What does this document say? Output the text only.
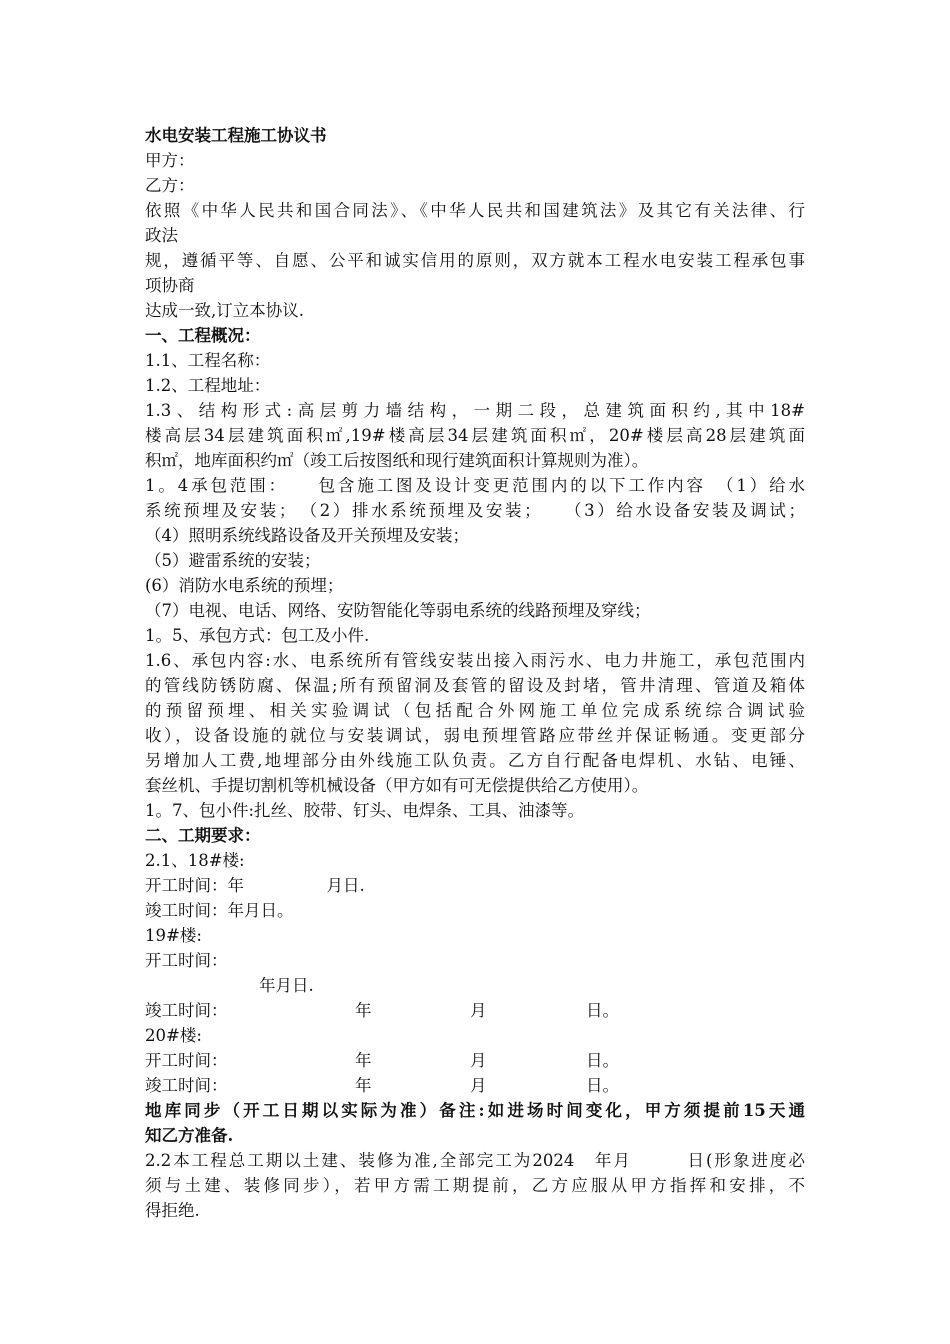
水电安装工程施工协议书

甲方：

乙方：

依照《中华人民共和国合同法》、《中华人民共和国建筑法》及其它有关法律、行

政法

规，遵循平等、自愿、公平和诚实信用的原则，双方就本工程水电安装工程承包事

项协商

达成一致,订立本协议.

一、工程概况：

1.1、工程名称：

1.2、工程地址：

1.3、结构形式:高层剪力墙结构，一期二段，总建筑面积约,其中18#

楼高层34层建筑面积㎡,19#楼高层34层建筑面积㎡，20#楼层高28层建筑面

积㎡，地库面积约㎡（竣工后按图纸和现行建筑面积计算规则为准）。

1。4承包范围：　　包含施工图及设计变更范围内的以下工作内容　（1）给水

系统预埋及安装；　（2）排水系统预埋及安装；　　（3）给水设备安装及调试；

（4）照明系统线路设备及开关预埋及安装；

（5）避雷系统的安装；

(6）消防水电系统的预埋；

（7）电视、电话、网络、安防智能化等弱电系统的线路预埋及穿线；

1。5、承包方式：包工及小件.

1.6、承包内容:水、电系统所有管线安装出接入雨污水、电力井施工，承包范围内

的管线防锈防腐、保温;所有预留洞及套管的留设及封堵，管井清理、管道及箱体

的预留预埋、相关实验调试（包括配合外网施工单位完成系统综合调试验

收），设备设施的就位与安装调试，弱电预埋管路应带丝并保证畅通。变更部分

另增加人工费,地埋部分由外线施工队负责。乙方自行配备电焊机、水钻、电锤、

套丝机、手提切割机等机械设备（甲方如有可无偿提供给乙方使用）。

1。7、包小件:扎丝、胶带、钉头、电焊条、工具、油漆等。

二、工期要求：

2.1、18#楼:

开工时间：年　　　　　月日.

竣工时间：年月日。

19#楼:

开工时间：

年月日.

竣工时间：	年	月	日。

20#楼:

开工时间：	年	月	日。

竣工时间：	年	月	日。

地库同步（开工日期以实际为准）备注:如进场时间变化，甲方须提前15天通

知乙方准备.

2.2本工程总工期以土建、装修为准,全部完工为2024　年月　　　日(形象进度必

须与土建、装修同步），若甲方需工期提前，乙方应服从甲方指挥和安排，不

得拒绝.
